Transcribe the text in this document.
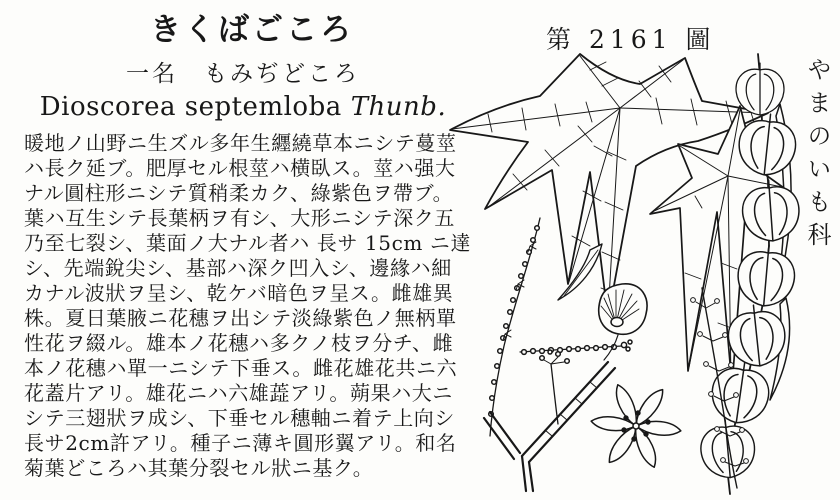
きくばごころ
一名 もみぢどころ
Dioscorea septemloba Thunb.
暖地ノ山野ニ生ズル多年生纒繞草本ニシテ蔓莖
ハ長ク延ブ。肥厚セル根莖ハ横臥ス。莖ハ强大
ナル圓柱形ニシテ質稍柔カク、綠紫色ヲ帶ブ。
葉ハ互生シテ長葉柄ヲ有シ、大形ニシテ深ク五
乃至七裂シ、葉面ノ大ナル者ハ 長サ 15cm ニ達
シ、先端銳尖シ、基部ハ深ク凹入シ、邊緣ハ細
カナル波狀ヲ呈シ、乾ケバ暗色ヲ呈ス。雌雄異
株。夏日葉腋ニ花穗ヲ出シテ淡綠紫色ノ無柄單
性花ヲ綴ル。雄本ノ花穗ハ多クノ枝ヲ分チ、雌
本ノ花穗ハ單一ニシテ下垂ス。雌花雄花共ニ六
花蓋片アリ。雄花ニハ六雄蕋アリ。蒴果ハ大ニ
シテ三翅狀ヲ成シ、下垂セル穗軸ニ着テ上向シ
長サ2cm許アリ。種子ニ薄キ圓形翼アリ。和名
菊葉どころハ其葉分裂セル狀ニ基ク。
第 2161 圖
やまのいも科
